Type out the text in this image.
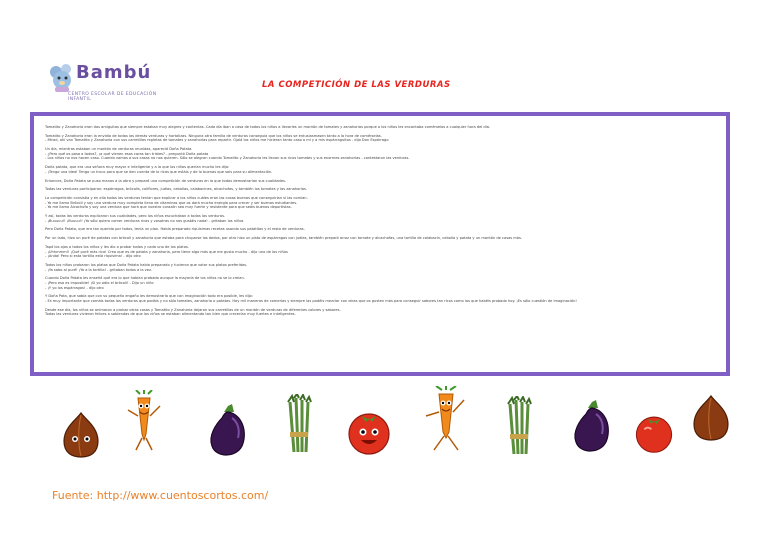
Bambú
CENTRO ESCOLAR DE EDUCACIÓN INFANTIL
LA COMPETICIÓN DE LAS VERDURAS

Tomatito y Zanahoria eran dos amiguitas que siempre estaban muy alegres y contentas. Cada día iban a casa de todos los niños a llevarles un montón de tomates y zanahorias porque a los niños les encantaba comérselos a cualquier hora del día.

Tomatito y Zanahoria eran la envidia de todas las demás verduras y hortalizas. Ninguna otra familia de verduras conseguía que los niños se entusiasmasen tanto a la hora de comérselas.
- Mirad, ahí van Tomatito y Zanahoria con sus carretillas repletas de tomates y zanahorias para repartir. Ojalá los niños me hicieran tanto caso a mí y a mis espárraguitos - dijo Don Espárrago

Un día, mientras estaban un montón de verduras reunidas, apareció Doña Patata.
- ¿Pero qué os pasa a todos?, ¡a qué vienen esas caras tan tristes? - preguntó Doña patata
- Los niños no nos hacen caso. Cuando vamos a sus casas no nos quieren. Sólo se alegran cuando Tomatito y Zanahoria les llevan sus ricos tomates y sus enormes zanahorias - contestaron las verduras.

Doña patata, que era una señora muy mayor e inteligente y a la que los niños querían mucho les dijo:
- ¡Tengo una idea! Tengo un truco para que se den cuenta de lo ricas que estáis y de lo buenas que sois para su alimentación.

Entonces, Doña Patata se puso manos a la obra y preparó una competición de verduras en la que todas demostrarían sus cualidades.

Todas las verduras participaron: espárragos, brócolis, coliflores, judías, cebollas, calabacines, alcachofas, y también los tomates y las zanahorias.

La competición consistía y en ella todas las verduras tenían que explicar a los niños cuáles eran las cosas buenas que conseguirían si las comían.
- Yo me llamo Brócoli y soy una verdura muy completa llena de vitaminas que os dará mucha energía para crecer y ser buenos estudiantes.
- Yo me llamo Alcachofa y soy una verdura que hará que vuestro corazón sea muy fuerte y resistente para que seáis buenos deportistas.

Y así, todas las verduras explicaron sus cualidades, pero los niños escuchaban a todas las verduras.
- ¡Buuuuu!! ¡Buuuu!! ¡Yo sólo quiero comer verduras ricas y vosotras no nos gustáis nada! - gritaban los niños

Pero Doña Patata, que era tan querida por todos, tenía un plan. Había preparado riquísimas recetas usando sus patatitas y el resto de verduras.

Por un lado, hizo un puré de patatas con brócoli y zanahoria que estaba para chuparse los dedos, por otro hizo un pisto de espárragos con judías, también preparó arroz con tomate y alcachofas, una tortilla de calabacín, cebolla y patata y un montón de cosas más.

Tapó los ojos a todos los niños y les dio a probar todos y cada uno de los platos.
- ¡Uhhmmm!! ¡Qué puré más rico! Creo que es de patata y zanahoria, pero tiene algo más que me gusta mucho - dijo uno de los niños
- ¡Anda! Pero si esta tortilla está riquísima! - dijo otro

Todos los niños probaron los platos que Doña Patata había preparado y tuvieron que votar sus platos preferidos.
- ¡Ya sabo al puré! ¡Yo a la tortilla! - gritaban todos a la vez.

Cuando Doña Patata les enseñó qué era lo que habían probado aunque la mayoría de los niños no se lo creían.
- ¡Pero eso es imposible! ¡Si yo odio el brócoli! - Dijo un niño
- ¡Y yo los espárragos! - dijo otro

Y Doña Pata, que sabía que con su pequeño engaño les demostraría que con imaginación todo era posible, les dijo:
- Es muy importante que comáis todas las verduras que podáis y no sólo tomates, zanahoria o patatas. Hay mil maneras de comerlas y siempre las podéis mezclar con otras que os gusten más para conseguir sabores tan ricos como los que habéis probado hoy. ¡Es sólo cuestión de imaginación!

Desde ese día, los niños se animaron a probar otras cosas y Tomatito y Zanahoria dejaron sus carretillas de un montón de verduras de diferentes colores y sabores.
Todas las verduras vivieron felices a sabiendas de que los niños se estaban alimentando tan bien que crecerían muy fuertes e inteligentes.

Fuente: http://www.cuentoscortos.com/
